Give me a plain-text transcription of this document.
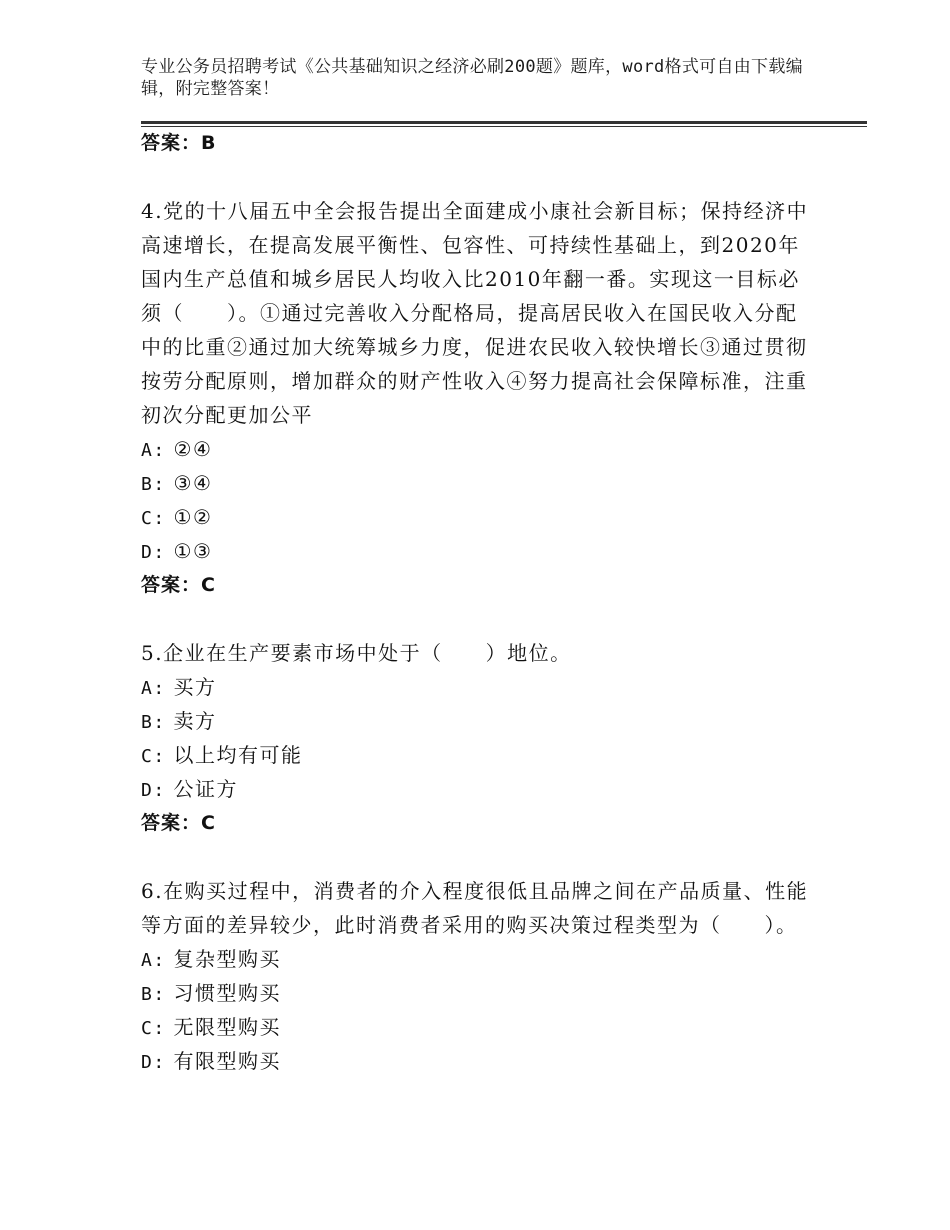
专业公务员招聘考试《公共基础知识之经济必刷200题》题库，word格式可自由下载编辑，附完整答案！
答案：B

4.党的十八届五中全会报告提出全面建成小康社会新目标；保持经济中高速增长，在提高发展平衡性、包容性、可持续性基础上，到2020年国内生产总值和城乡居民人均收入比2010年翻一番。实现这一目标必须（　　）。①通过完善收入分配格局，提高居民收入在国民收入分配中的比重②通过加大统筹城乡力度，促进农民收入较快增长③通过贯彻按劳分配原则，增加群众的财产性收入④努力提高社会保障标准，注重初次分配更加公平

A: ②④
B: ③④
C: ①②
D: ①③
答案：C

5.企业在生产要素市场中处于（　　）地位。

A: 买方
B: 卖方
C: 以上均有可能
D: 公证方
答案：C

6.在购买过程中，消费者的介入程度很低且品牌之间在产品质量、性能等方面的差异较少，此时消费者采用的购买决策过程类型为（　　）。

A: 复杂型购买
B: 习惯型购买
C: 无限型购买
D: 有限型购买
